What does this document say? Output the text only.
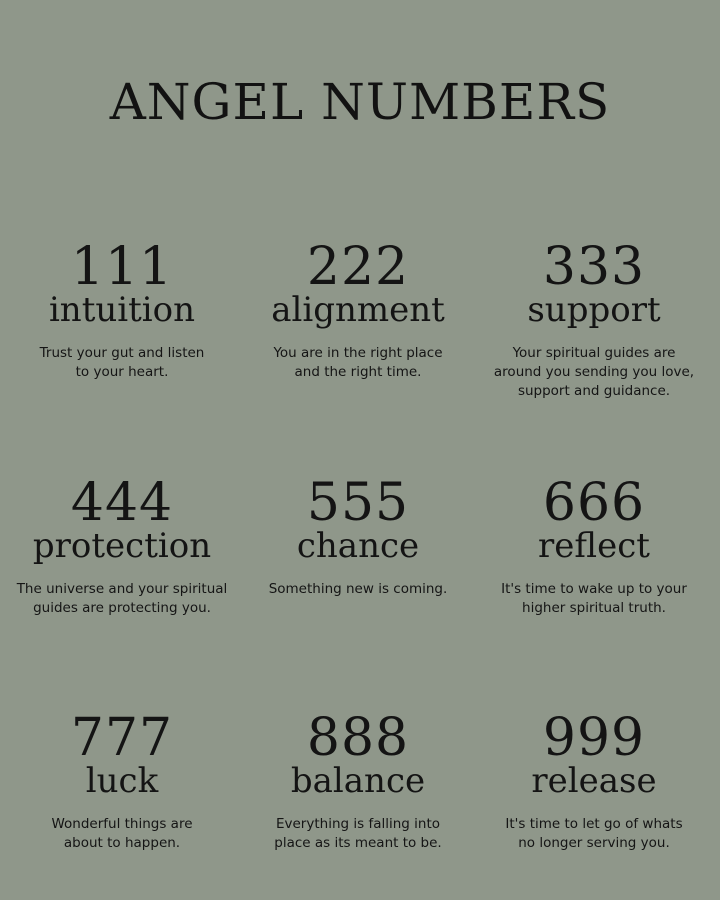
ANGEL NUMBERS
111
intuition
Trust your gut and listen
to your heart.
222
alignment
You are in the right place
and the right time.
333
support
Your spiritual guides are
around you sending you love,
support and guidance.
444
protection
The universe and your spiritual
guides are protecting you.
555
chance
Something new is coming.
666
reflect
It's time to wake up to your
higher spiritual truth.
777
luck
Wonderful things are
about to happen.
888
balance
Everything is falling into
place as its meant to be.
999
release
It's time to let go of whats
no longer serving you.
